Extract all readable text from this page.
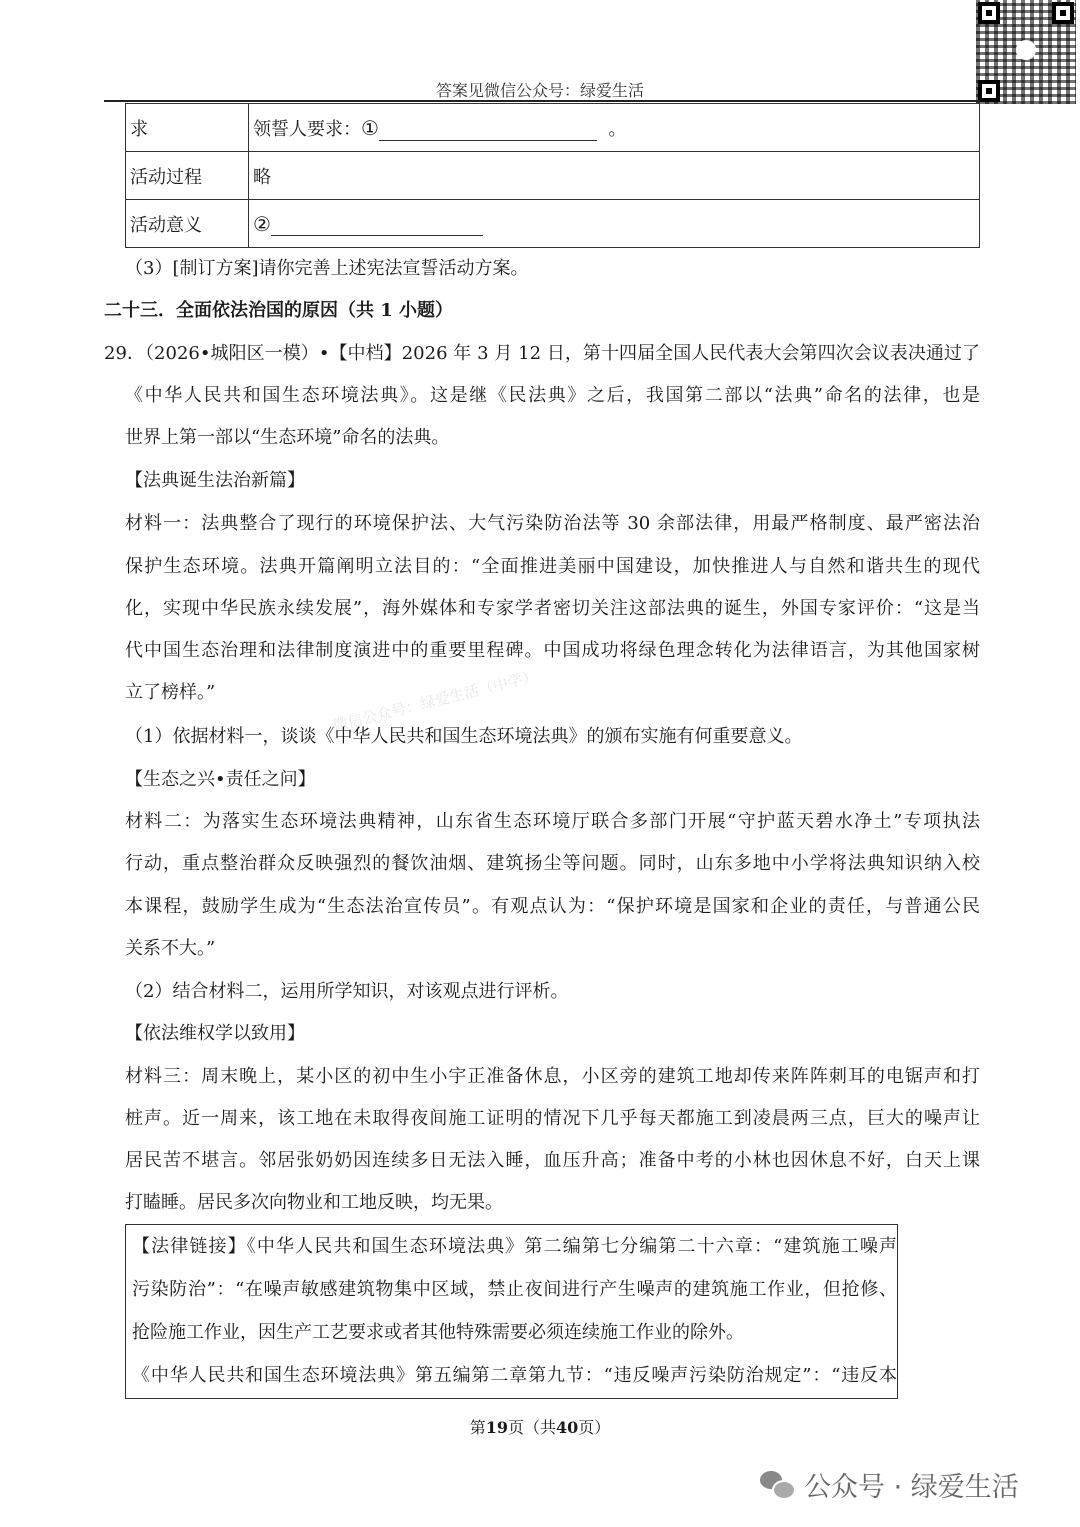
答案见微信公众号：绿爱生活
求	领誓人要求：① 。
活动过程	略
活动意义	②
（3）[制订方案]请你完善上述宪法宣誓活动方案。
二十三．全面依法治国的原因（共 1 小题）
29．（2026•城阳区一模）•【中档】2026 年 3 月 12 日，第十四届全国人民代表大会第四次会议表决通过了
《中华人民共和国生态环境法典》。这是继《民法典》之后，我国第二部以“法典”命名的法律，也是
世界上第一部以“生态环境”命名的法典。
【法典诞生法治新篇】
材料一：法典整合了现行的环境保护法、大气污染防治法等 30 余部法律，用最严格制度、最严密法治
保护生态环境。法典开篇阐明立法目的：“全面推进美丽中国建设，加快推进人与自然和谐共生的现代
化，实现中华民族永续发展”，海外媒体和专家学者密切关注这部法典的诞生，外国专家评价：“这是当
代中国生态治理和法律制度演进中的重要里程碑。中国成功将绿色理念转化为法律语言，为其他国家树
立了榜样。”
（1）依据材料一，谈谈《中华人民共和国生态环境法典》的颁布实施有何重要意义。
微信公众号：绿爱生活（中学）
【生态之兴•责任之问】
材料二：为落实生态环境法典精神，山东省生态环境厅联合多部门开展“守护蓝天碧水净土”专项执法
行动，重点整治群众反映强烈的餐饮油烟、建筑扬尘等问题。同时，山东多地中小学将法典知识纳入校
本课程，鼓励学生成为“生态法治宣传员”。有观点认为：“保护环境是国家和企业的责任，与普通公民
关系不大。”
（2）结合材料二，运用所学知识，对该观点进行评析。
【依法维权学以致用】
材料三：周末晚上，某小区的初中生小宇正准备休息，小区旁的建筑工地却传来阵阵刺耳的电锯声和打
桩声。近一周来，该工地在未取得夜间施工证明的情况下几乎每天都施工到凌晨两三点，巨大的噪声让
居民苦不堪言。邻居张奶奶因连续多日无法入睡，血压升高；准备中考的小林也因休息不好，白天上课
打瞌睡。居民多次向物业和工地反映，均无果。
【法律链接】《中华人民共和国生态环境法典》第二编第七分编第二十六章：“建筑施工噪声
污染防治”：“在噪声敏感建筑物集中区域，禁止夜间进行产生噪声的建筑施工作业，但抢修、
抢险施工作业，因生产工艺要求或者其他特殊需要必须连续施工作业的除外。
《中华人民共和国生态环境法典》第五编第二章第九节：“违反噪声污染防治规定”：“违反本
第19页（共40页）
公众号 · 绿爱生活
